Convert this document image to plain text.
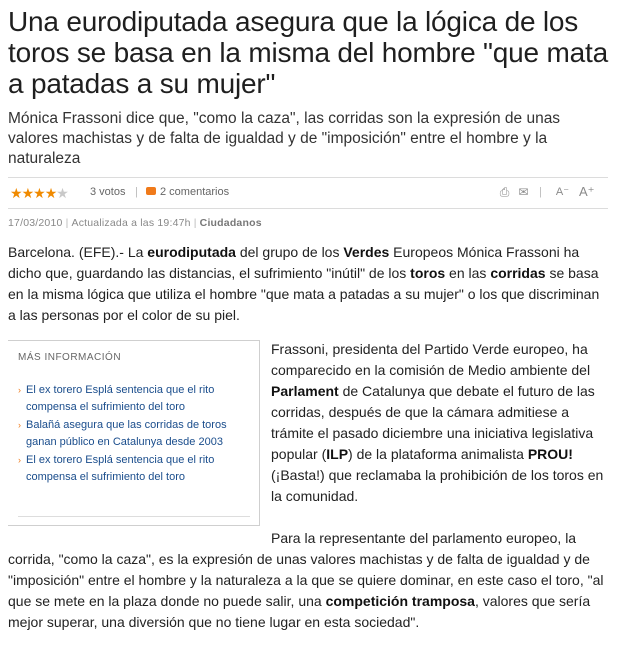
Una eurodiputada asegura que la lógica de los toros se basa en la misma del hombre "que mata a patadas a su mujer"

Mónica Frassoni dice que, "como la caza", las corridas son la expresión de unas valores machistas y de falta de igualdad y de "imposición" entre el hombre y la naturaleza

★★★★★ 3 votos | 2 comentarios	⎙ ✉ | A⁻ A⁺
17/03/2010 | Actualizada a las 19:47h | Ciudadanos

Barcelona. (EFE).- La eurodiputada del grupo de los Verdes Europeos Mónica Frassoni ha dicho que, guardando las distancias, el sufrimiento "inútil" de los toros en las corridas se basa en la misma lógica que utiliza el hombre "que mata a patadas a su mujer" o los que discriminan a las personas por el color de su piel.

MÁS INFORMACIÓN
› El ex torero Esplá sentencia que el rito compensa el sufrimiento del toro
› Balañá asegura que las corridas de toros ganan público en Catalunya desde 2003
› El ex torero Esplá sentencia que el rito compensa el sufrimiento del toro

Frassoni, presidenta del Partido Verde europeo, ha comparecido en la comisión de Medio ambiente del Parlament de Catalunya que debate el futuro de las corridas, después de que la cámara admitiese a trámite el pasado diciembre una iniciativa legislativa popular (ILP) de la plataforma animalista PROU! (¡Basta!) que reclamaba la prohibición de los toros en la comunidad.

Para la representante del parlamento europeo, la corrida, "como la caza", es la expresión de unas valores machistas y de falta de igualdad y de "imposición" entre el hombre y la naturaleza a la que se quiere dominar, en este caso el toro, "al que se mete en la plaza donde no puede salir, una competición tramposa, valores que sería mejor superar, una diversión que no tiene lugar en esta sociedad".
